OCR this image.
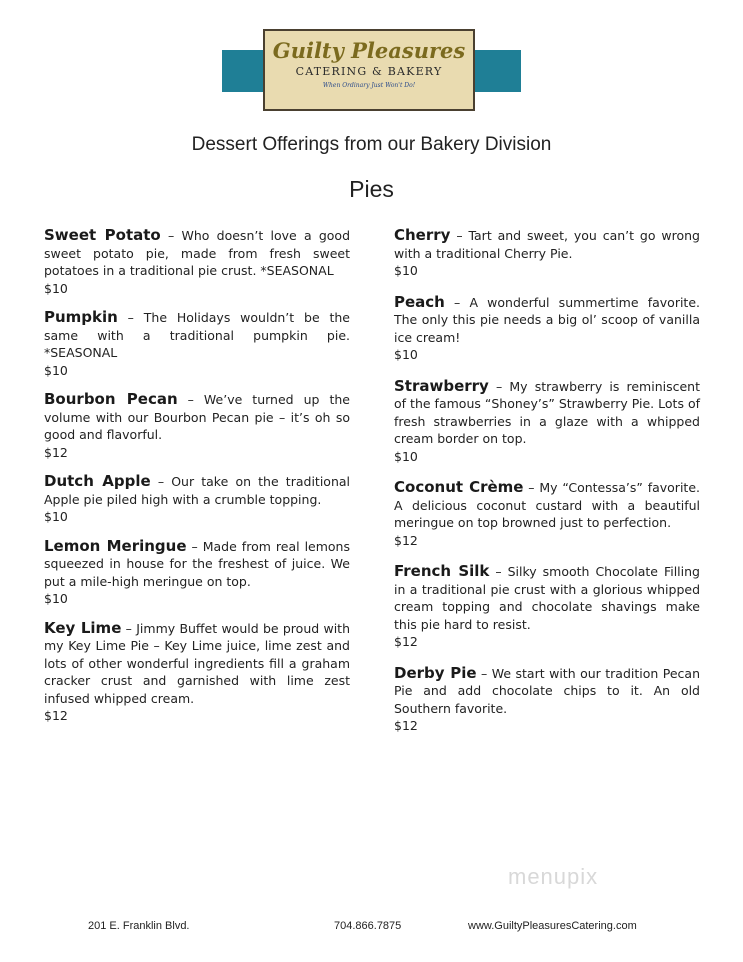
Guilty Pleasures
CATERING & BAKERY
When Ordinary Just Won't Do!
Dessert Offerings from our Bakery Division
Pies
Sweet Potato – Who doesn’t love a good sweet potato pie, made from fresh sweet potatoes in a traditional pie crust. *SEASONAL
$10
Pumpkin – The Holidays wouldn’t be the same with a traditional pumpkin pie. *SEASONAL
$10
Bourbon Pecan – We’ve turned up the volume with our Bourbon Pecan pie – it’s oh so good and flavorful.
$12
Dutch Apple – Our take on the traditional Apple pie piled high with a crumble topping.
$10
Lemon Meringue – Made from real lemons squeezed in house for the freshest of juice. We put a mile-high meringue on top.
$10
Key Lime – Jimmy Buffet would be proud with my Key Lime Pie – Key Lime juice, lime zest and lots of other wonderful ingredients fill a graham cracker crust and garnished with lime zest infused whipped cream.
$12
Cherry – Tart and sweet, you can’t go wrong with a traditional Cherry Pie.
$10
Peach – A wonderful summertime favorite. The only this pie needs a big ol’ scoop of vanilla ice cream!
$10
Strawberry – My strawberry is reminiscent of the famous “Shoney’s” Strawberry Pie. Lots of fresh strawberries in a glaze with a whipped cream border on top.
$10
Coconut Crème – My “Contessa’s” favorite. A delicious coconut custard with a beautiful meringue on top browned just to perfection.
$12
French Silk – Silky smooth Chocolate Filling in a traditional pie crust with a glorious whipped cream topping and chocolate shavings make this pie hard to resist.
$12
Derby Pie – We start with our tradition Pecan Pie and add chocolate chips to it. An old Southern favorite.
$12
menupix
201 E. Franklin Blvd.	704.866.7875	www.GuiltyPleasuresCatering.com
